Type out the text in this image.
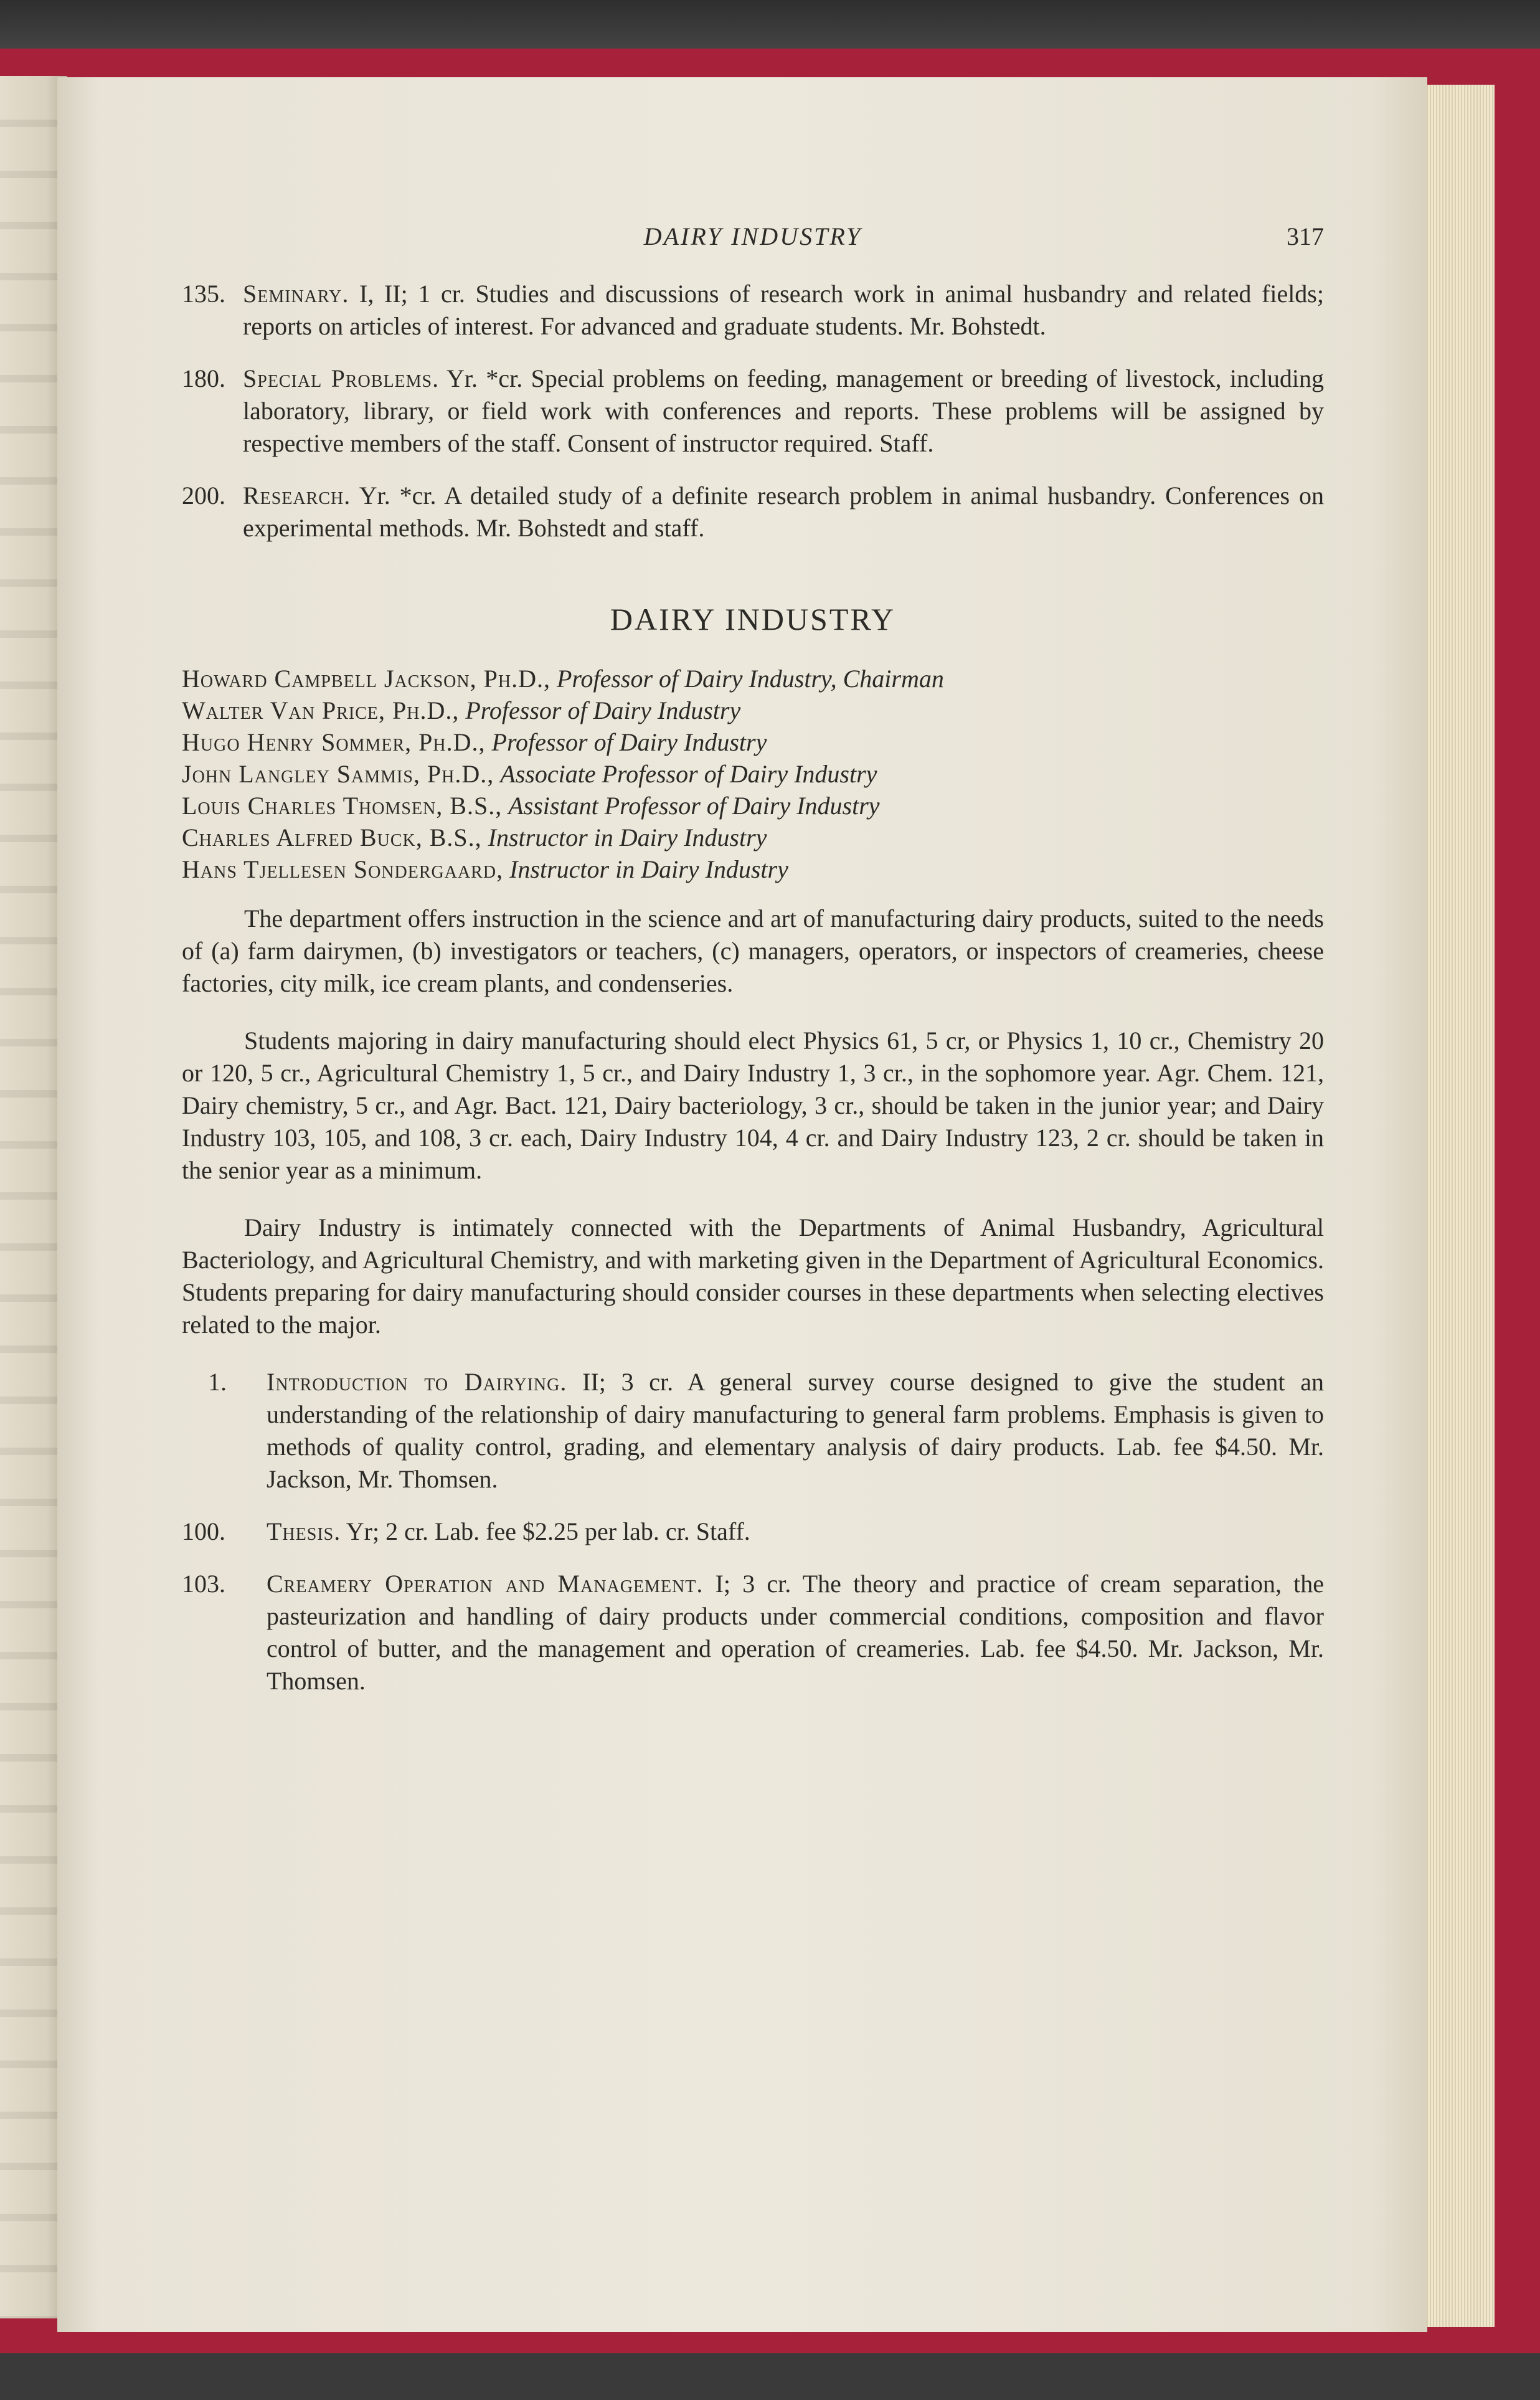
DAIRY INDUSTRY	317
135. Seminary. I, II; 1 cr. Studies and discussions of research work in animal husbandry and related fields; reports on articles of interest. For advanced and graduate students. Mr. Bohstedt.
180. Special Problems. Yr. *cr. Special problems on feeding, management or breeding of livestock, including laboratory, library, or field work with conferences and reports. These problems will be assigned by respective members of the staff. Consent of instructor required. Staff.
200. Research. Yr. *cr. A detailed study of a definite research problem in animal husbandry. Conferences on experimental methods. Mr. Bohstedt and staff.
DAIRY INDUSTRY
Howard Campbell Jackson, Ph.D., Professor of Dairy Industry, Chairman
Walter Van Price, Ph.D., Professor of Dairy Industry
Hugo Henry Sommer, Ph.D., Professor of Dairy Industry
John Langley Sammis, Ph.D., Associate Professor of Dairy Industry
Louis Charles Thomsen, B.S., Assistant Professor of Dairy Industry
Charles Alfred Buck, B.S., Instructor in Dairy Industry
Hans Tjellesen Sondergaard, Instructor in Dairy Industry

The department offers instruction in the science and art of manufacturing dairy products, suited to the needs of (a) farm dairymen, (b) investigators or teachers, (c) managers, operators, or inspectors of creameries, cheese factories, city milk, ice cream plants, and condenseries.

Students majoring in dairy manufacturing should elect Physics 61, 5 cr, or Physics 1, 10 cr., Chemistry 20 or 120, 5 cr., Agricultural Chemistry 1, 5 cr., and Dairy Industry 1, 3 cr., in the sophomore year. Agr. Chem. 121, Dairy chemistry, 5 cr., and Agr. Bact. 121, Dairy bacteriology, 3 cr., should be taken in the junior year; and Dairy Industry 103, 105, and 108, 3 cr. each, Dairy Industry 104, 4 cr. and Dairy Industry 123, 2 cr. should be taken in the senior year as a minimum.

Dairy Industry is intimately connected with the Departments of Animal Husbandry, Agricultural Bacteriology, and Agricultural Chemistry, and with marketing given in the Department of Agricultural Economics. Students preparing for dairy manufacturing should consider courses in these departments when selecting electives related to the major.

1. Introduction to Dairying. II; 3 cr. A general survey course designed to give the student an understanding of the relationship of dairy manufacturing to general farm problems. Emphasis is given to methods of quality control, grading, and elementary analysis of dairy products. Lab. fee $4.50. Mr. Jackson, Mr. Thomsen.
100. Thesis. Yr; 2 cr. Lab. fee $2.25 per lab. cr. Staff.
103. Creamery Operation and Management. I; 3 cr. The theory and practice of cream separation, the pasteurization and handling of dairy products under commercial conditions, composition and flavor control of butter, and the management and operation of creameries. Lab. fee $4.50. Mr. Jackson, Mr. Thomsen.
